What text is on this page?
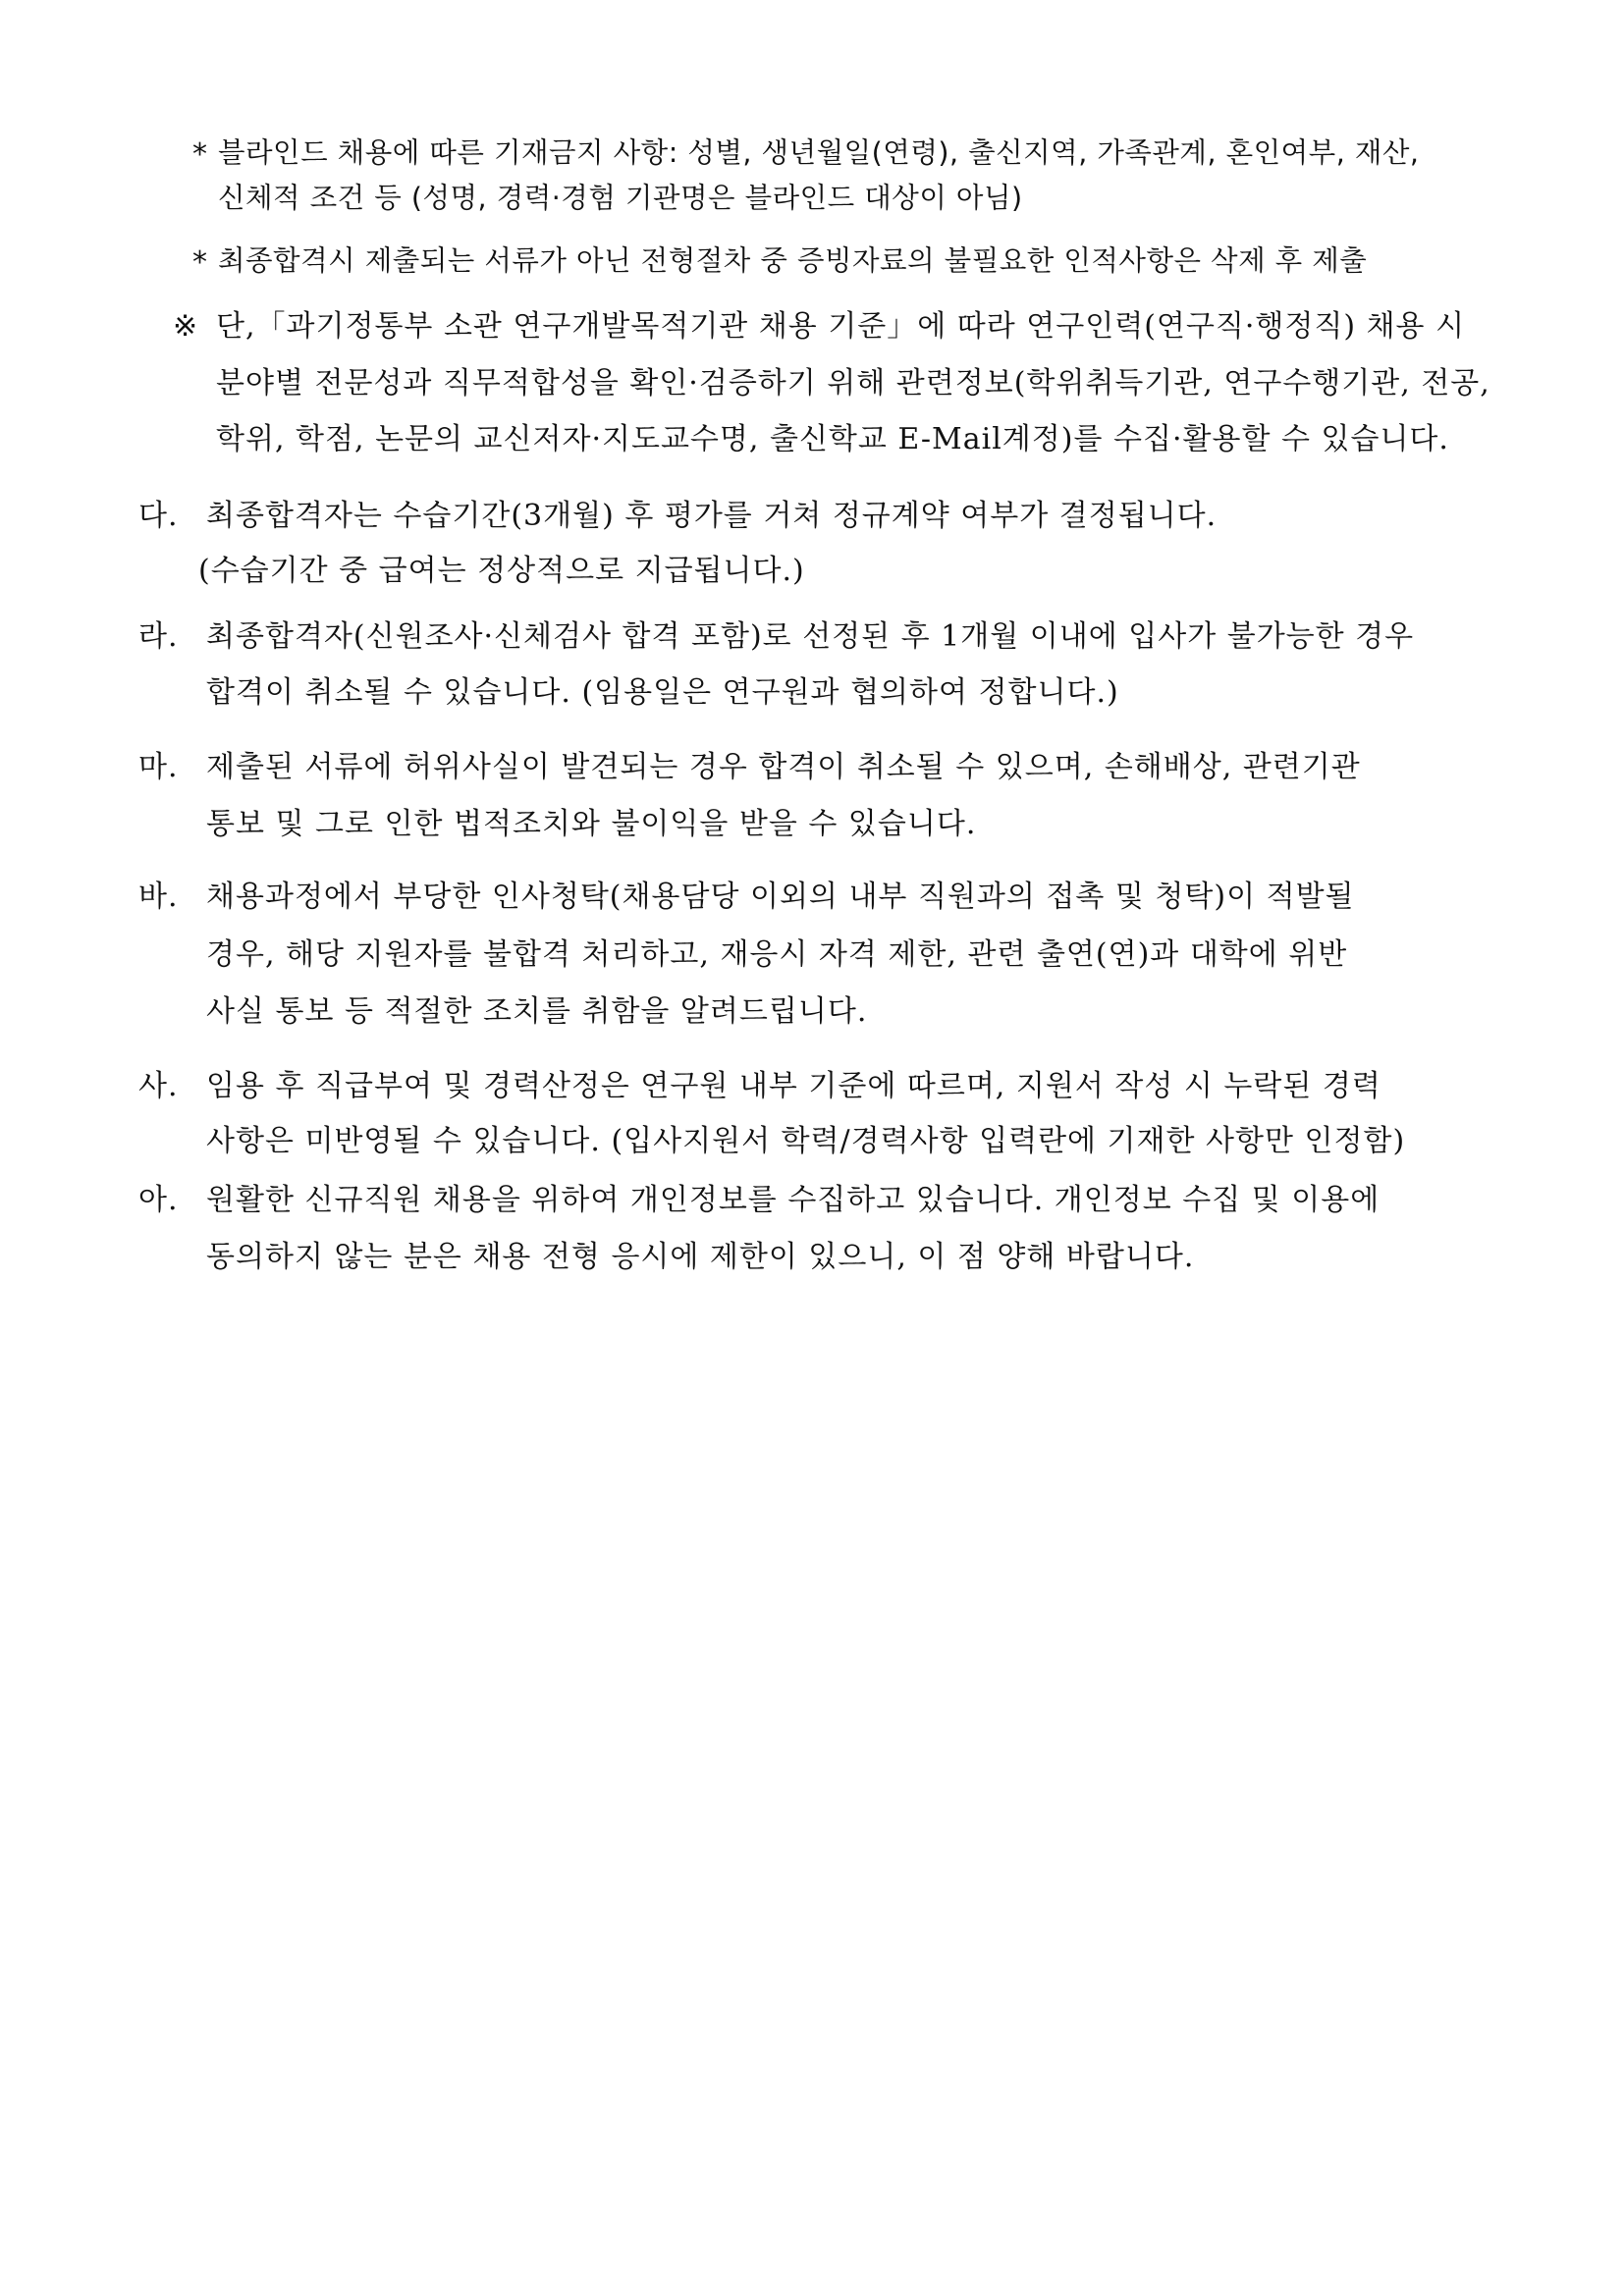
* 블라인드 채용에 따른 기재금지 사항: 성별, 생년월일(연령), 출신지역, 가족관계, 혼인여부, 재산,
신체적 조건 등 (성명, 경력·경험 기관명은 블라인드 대상이 아님)
* 최종합격시 제출되는 서류가 아닌 전형절차 중 증빙자료의 불필요한 인적사항은 삭제 후 제출
※ 단,「과기정통부 소관 연구개발목적기관 채용 기준」에 따라 연구인력(연구직·행정직) 채용 시
분야별 전문성과 직무적합성을 확인·검증하기 위해 관련정보(학위취득기관, 연구수행기관, 전공,
학위, 학점, 논문의 교신저자·지도교수명, 출신학교 E-Mail계정)를 수집·활용할 수 있습니다.
다. 최종합격자는 수습기간(3개월) 후 평가를 거쳐 정규계약 여부가 결정됩니다.
(수습기간 중 급여는 정상적으로 지급됩니다.)
라. 최종합격자(신원조사·신체검사 합격 포함)로 선정된 후 1개월 이내에 입사가 불가능한 경우
합격이 취소될 수 있습니다. (임용일은 연구원과 협의하여 정합니다.)
마. 제출된 서류에 허위사실이 발견되는 경우 합격이 취소될 수 있으며, 손해배상, 관련기관
통보 및 그로 인한 법적조치와 불이익을 받을 수 있습니다.
바. 채용과정에서 부당한 인사청탁(채용담당 이외의 내부 직원과의 접촉 및 청탁)이 적발될
경우, 해당 지원자를 불합격 처리하고, 재응시 자격 제한, 관련 출연(연)과 대학에 위반
사실 통보 등 적절한 조치를 취함을 알려드립니다.
사. 임용 후 직급부여 및 경력산정은 연구원 내부 기준에 따르며, 지원서 작성 시 누락된 경력
사항은 미반영될 수 있습니다. (입사지원서 학력/경력사항 입력란에 기재한 사항만 인정함)
아. 원활한 신규직원 채용을 위하여 개인정보를 수집하고 있습니다. 개인정보 수집 및 이용에
동의하지 않는 분은 채용 전형 응시에 제한이 있으니, 이 점 양해 바랍니다.
